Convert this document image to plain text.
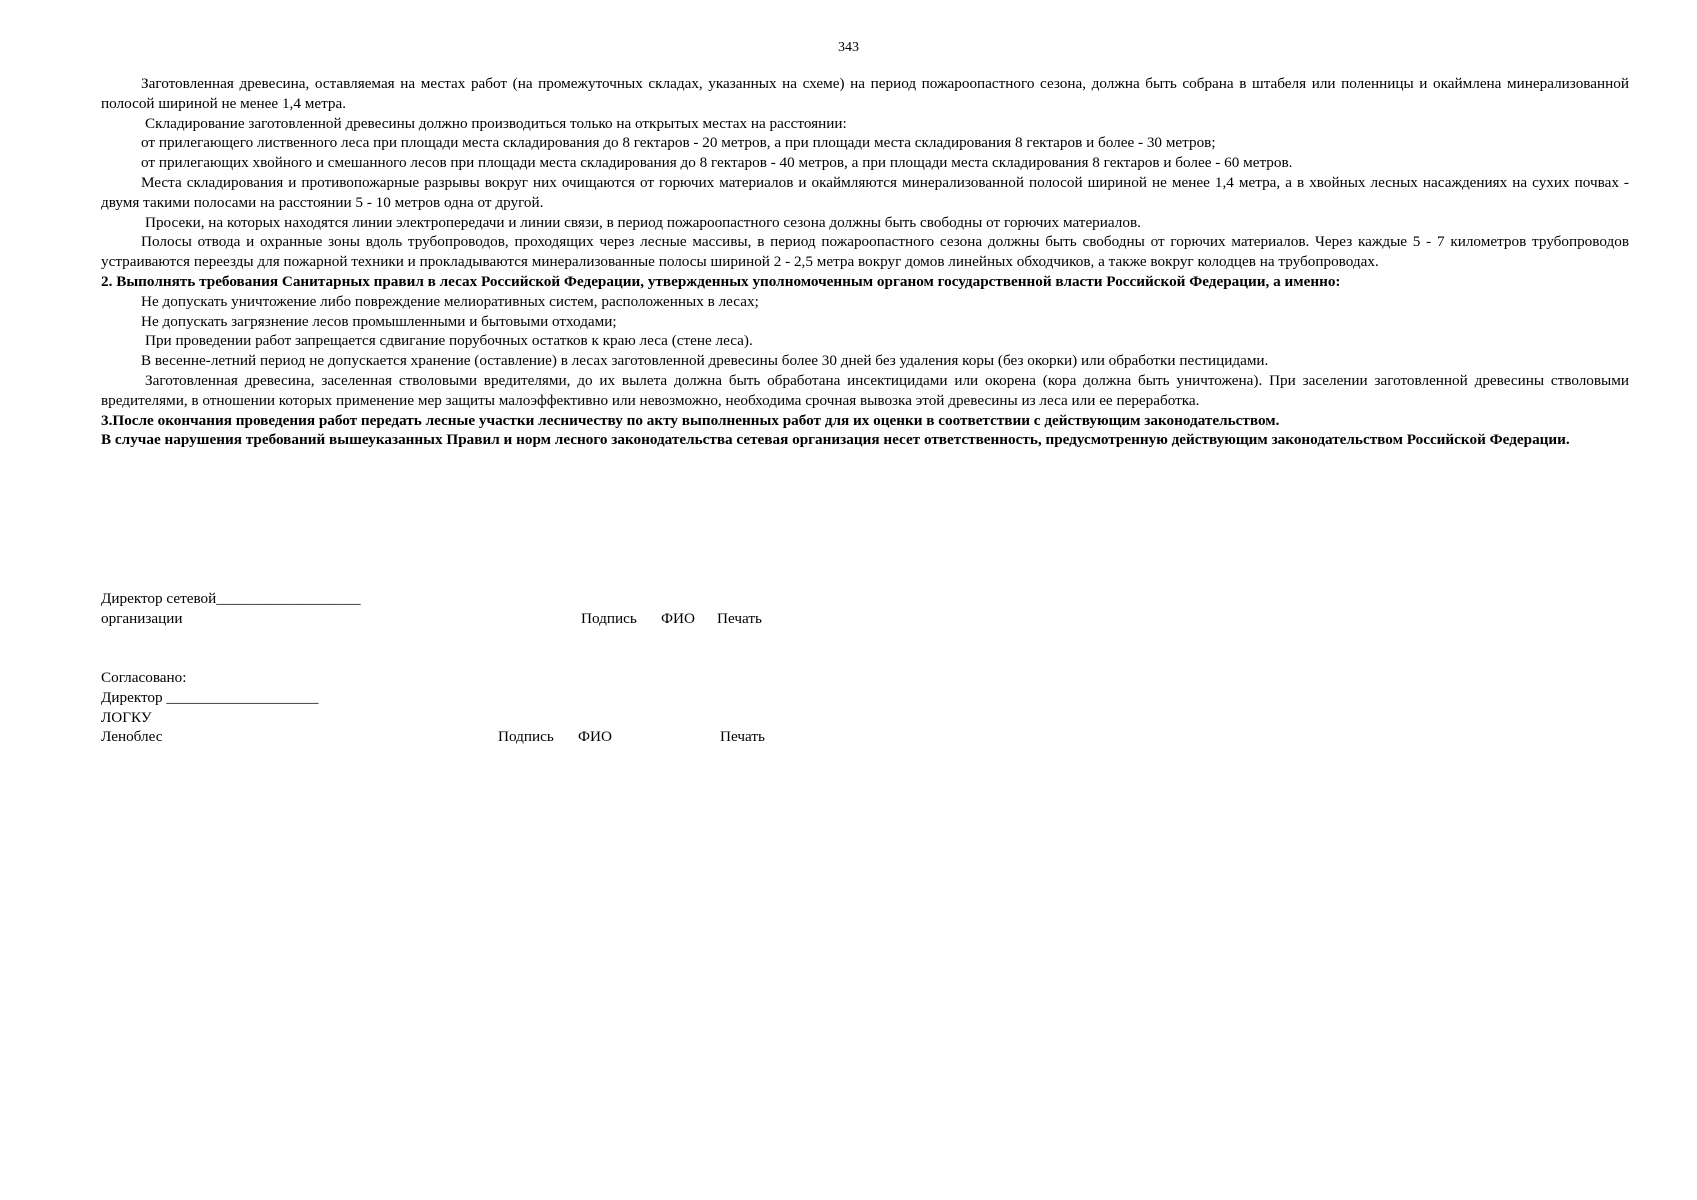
343

Заготовленная древесина, оставляемая на местах работ (на промежуточных складах, указанных на схеме) на период пожароопастного сезона, должна быть собрана в штабеля или поленницы и окаймлена минерализованной полосой шириной не менее 1,4 метра.

Складирование заготовленной древесины должно производиться только на открытых местах на расстоянии:

от прилегающего лиственного леса при площади места складирования до 8 гектаров - 20 метров, а при площади места складирования 8 гектаров и более - 30 метров;

от прилегающих хвойного и смешанного лесов при площади места складирования до 8 гектаров - 40 метров, а при площади места складирования 8 гектаров и более - 60 метров.

Места складирования и противопожарные разрывы вокруг них очищаются от горючих материалов и окаймляются минерализованной полосой шириной не менее 1,4 метра, а в хвойных лесных насаждениях на сухих почвах - двумя такими полосами на расстоянии 5 - 10 метров одна от другой.

Просеки, на которых находятся линии электропередачи и линии связи, в период пожароопастного сезона должны быть свободны от горючих материалов.

Полосы отвода и охранные зоны вдоль трубопроводов, проходящих через лесные массивы, в период пожароопастного сезона должны быть свободны от горючих материалов. Через каждые 5 - 7 километров трубопроводов устраиваются переезды для пожарной техники и прокладываются минерализованные полосы шириной 2 - 2,5 метра вокруг домов линейных обходчиков, а также вокруг колодцев на трубопроводах.

2. Выполнять требования Санитарных правил в лесах Российской Федерации, утвержденных уполномоченным органом государственной власти Российской Федерации, а именно:

Не допускать уничтожение либо повреждение мелиоративных систем, расположенных в лесах;

Не допускать загрязнение лесов промышленными и бытовыми отходами;

При проведении работ запрещается сдвигание порубочных остатков к краю леса (стене леса).

В весенне-летний период не допускается хранение (оставление) в лесах заготовленной древесины более 30 дней без удаления коры (без окорки) или обработки пестицидами.

Заготовленная древесина, заселенная стволовыми вредителями, до их вылета должна быть обработана инсектицидами или окорена (кора должна быть уничтожена). При заселении заготовленной древесины стволовыми вредителями, в отношении которых применение мер защиты малоэффективно или невозможно, необходима срочная вывозка этой древесины из леса или ее переработка.

3.После окончания проведения работ передать лесные участки лесничеству по акту выполненных работ для их оценки в соответствии с действующим законодательством.

В случае нарушения требований вышеуказанных Правил и норм лесного законодательства сетевая организация несет ответственность, предусмотренную действующим законодательством Российской Федерации.

Директор сетевой___________________
организации	Подпись ФИО Печать
Согласовано:
Директор ____________________
ЛОГКУ
Леноблес	Подпись ФИО	Печать
